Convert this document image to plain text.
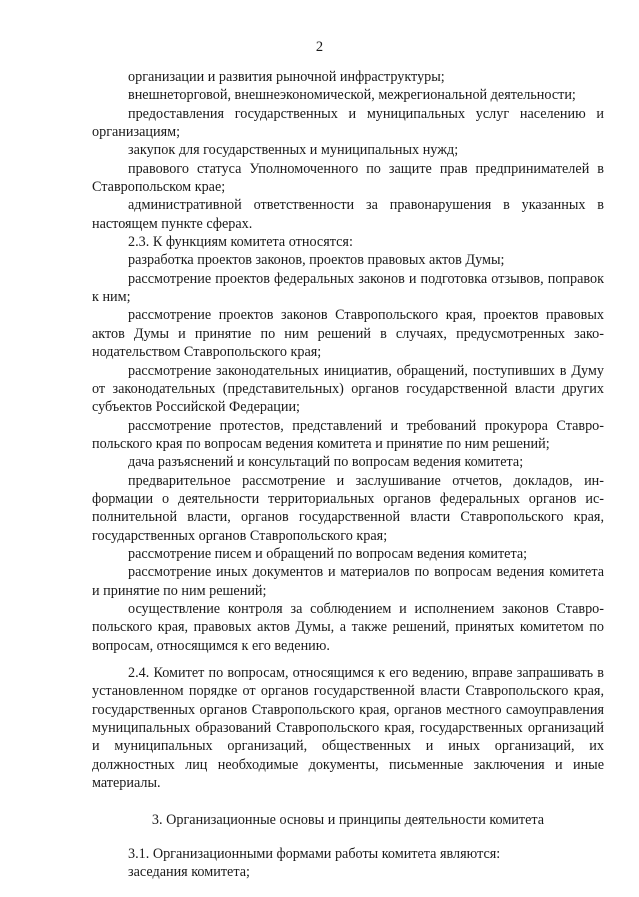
2
организации и развития рыночной инфраструктуры;
внешнеторговой, внешнеэкономической, межрегиональной деятельности;
предоставления государственных и муниципальных услуг населению и организациям;
закупок для государственных и муниципальных нужд;
правового статуса Уполномоченного по защите прав предпринимателей в Ставропольском крае;
административной ответственности за правонарушения в указанных в настоящем пункте сферах.
2.3. К функциям комитета относятся:
разработка проектов законов, проектов правовых актов Думы;
рассмотрение проектов федеральных законов и подготовка отзывов, поправок к ним;
рассмотрение проектов законов Ставропольского края, проектов правовых актов Думы и принятие по ним решений в случаях, предусмотренных законодательством Ставропольского края;
рассмотрение законодательных инициатив, обращений, поступивших в Думу от законодательных (представительных) органов государственной власти других субъектов Российской Федерации;
рассмотрение протестов, представлений и требований прокурора Ставропольского края по вопросам ведения комитета и принятие по ним решений;
дача разъяснений и консультаций по вопросам ведения комитета;
предварительное рассмотрение и заслушивание отчетов, докладов, информации о деятельности территориальных органов федеральных органов исполнительной власти, органов государственной власти Ставропольского края, государственных органов Ставропольского края;
рассмотрение писем и обращений по вопросам ведения комитета;
рассмотрение иных документов и материалов по вопросам ведения комитета и принятие по ним решений;
осуществление контроля за соблюдением и исполнением законов Ставропольского края, правовых актов Думы, а также решений, принятых комитетом по вопросам, относящимся к его ведению.
2.4. Комитет по вопросам, относящимся к его ведению, вправе запрашивать в установленном порядке от органов государственной власти Ставропольского края, государственных органов Ставропольского края, органов местного самоуправления муниципальных образований Ставропольского края, государственных организаций и муниципальных организаций, общественных и иных организаций, их должностных лиц необходимые документы, письменные заключения и иные материалы.
3. Организационные основы и принципы деятельности комитета
3.1. Организационными формами работы комитета являются:
заседания комитета;
